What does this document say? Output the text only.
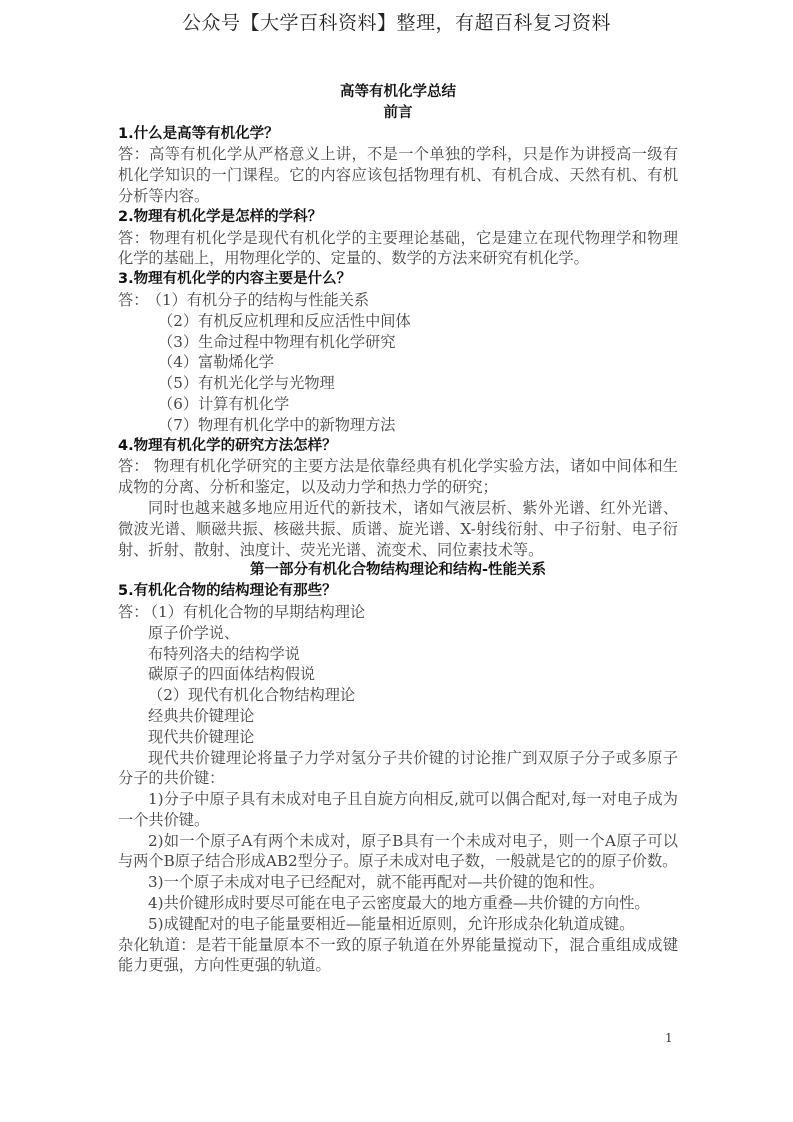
公众号【大学百科资料】整理，有超百科复习资料
高等有机化学总结
前言
1.什么是高等有机化学？
答：高等有机化学从严格意义上讲，不是一个单独的学科，只是作为讲授高一级有机化学知识的一门课程。它的内容应该包括物理有机、有机合成、天然有机、有机分析等内容。
2.物理有机化学是怎样的学科？
答：物理有机化学是现代有机化学的主要理论基础，它是建立在现代物理学和物理化学的基础上，用物理化学的、定量的、数学的方法来研究有机化学。
3.物理有机化学的内容主要是什么？
答： （1）有机分子的结构与性能关系
（2）有机反应机理和反应活性中间体
（3）生命过程中物理有机化学研究
（4）富勒烯化学
（5）有机光化学与光物理
（6）计算有机化学
（7）物理有机化学中的新物理方法
4.物理有机化学的研究方法怎样？
答： 物理有机化学研究的主要方法是依靠经典有机化学实验方法，诸如中间体和生成物的分离、分析和鉴定，以及动力学和热力学的研究；
同时也越来越多地应用近代的新技术，诸如气液层析、紫外光谱、红外光谱、微波光谱、顺磁共振、核磁共振、质谱、旋光谱、X-射线衍射、中子衍射、电子衍射、折射、散射、浊度计、荧光光谱、流变术、同位素技术等。
第一部分有机化合物结构理论和结构-性能关系
5.有机化合物的结构理论有那些？
答： （1）有机化合物的早期结构理论
原子价学说、
布特列洛夫的结构学说
碳原子的四面体结构假说
（2）现代有机化合物结构理论
经典共价键理论
现代共价键理论
现代共价键理论将量子力学对氢分子共价键的讨论推广到双原子分子或多原子分子的共价键：
1)分子中原子具有未成对电子且自旋方向相反,就可以偶合配对,每一对电子成为一个共价键。
2)如一个原子A有两个未成对，原子B具有一个未成对电子，则一个A原子可以与两个B原子结合形成AB2型分子。原子未成对电子数，一般就是它的的原子价数。
3)一个原子未成对电子已经配对，就不能再配对—共价键的饱和性。
4)共价键形成时要尽可能在电子云密度最大的地方重叠—共价键的方向性。
5)成键配对的电子能量要相近—能量相近原则，允许形成杂化轨道成键。
杂化轨道：是若干能量原本不一致的原子轨道在外界能量搅动下，混合重组成成键能力更强，方向性更强的轨道。
1
